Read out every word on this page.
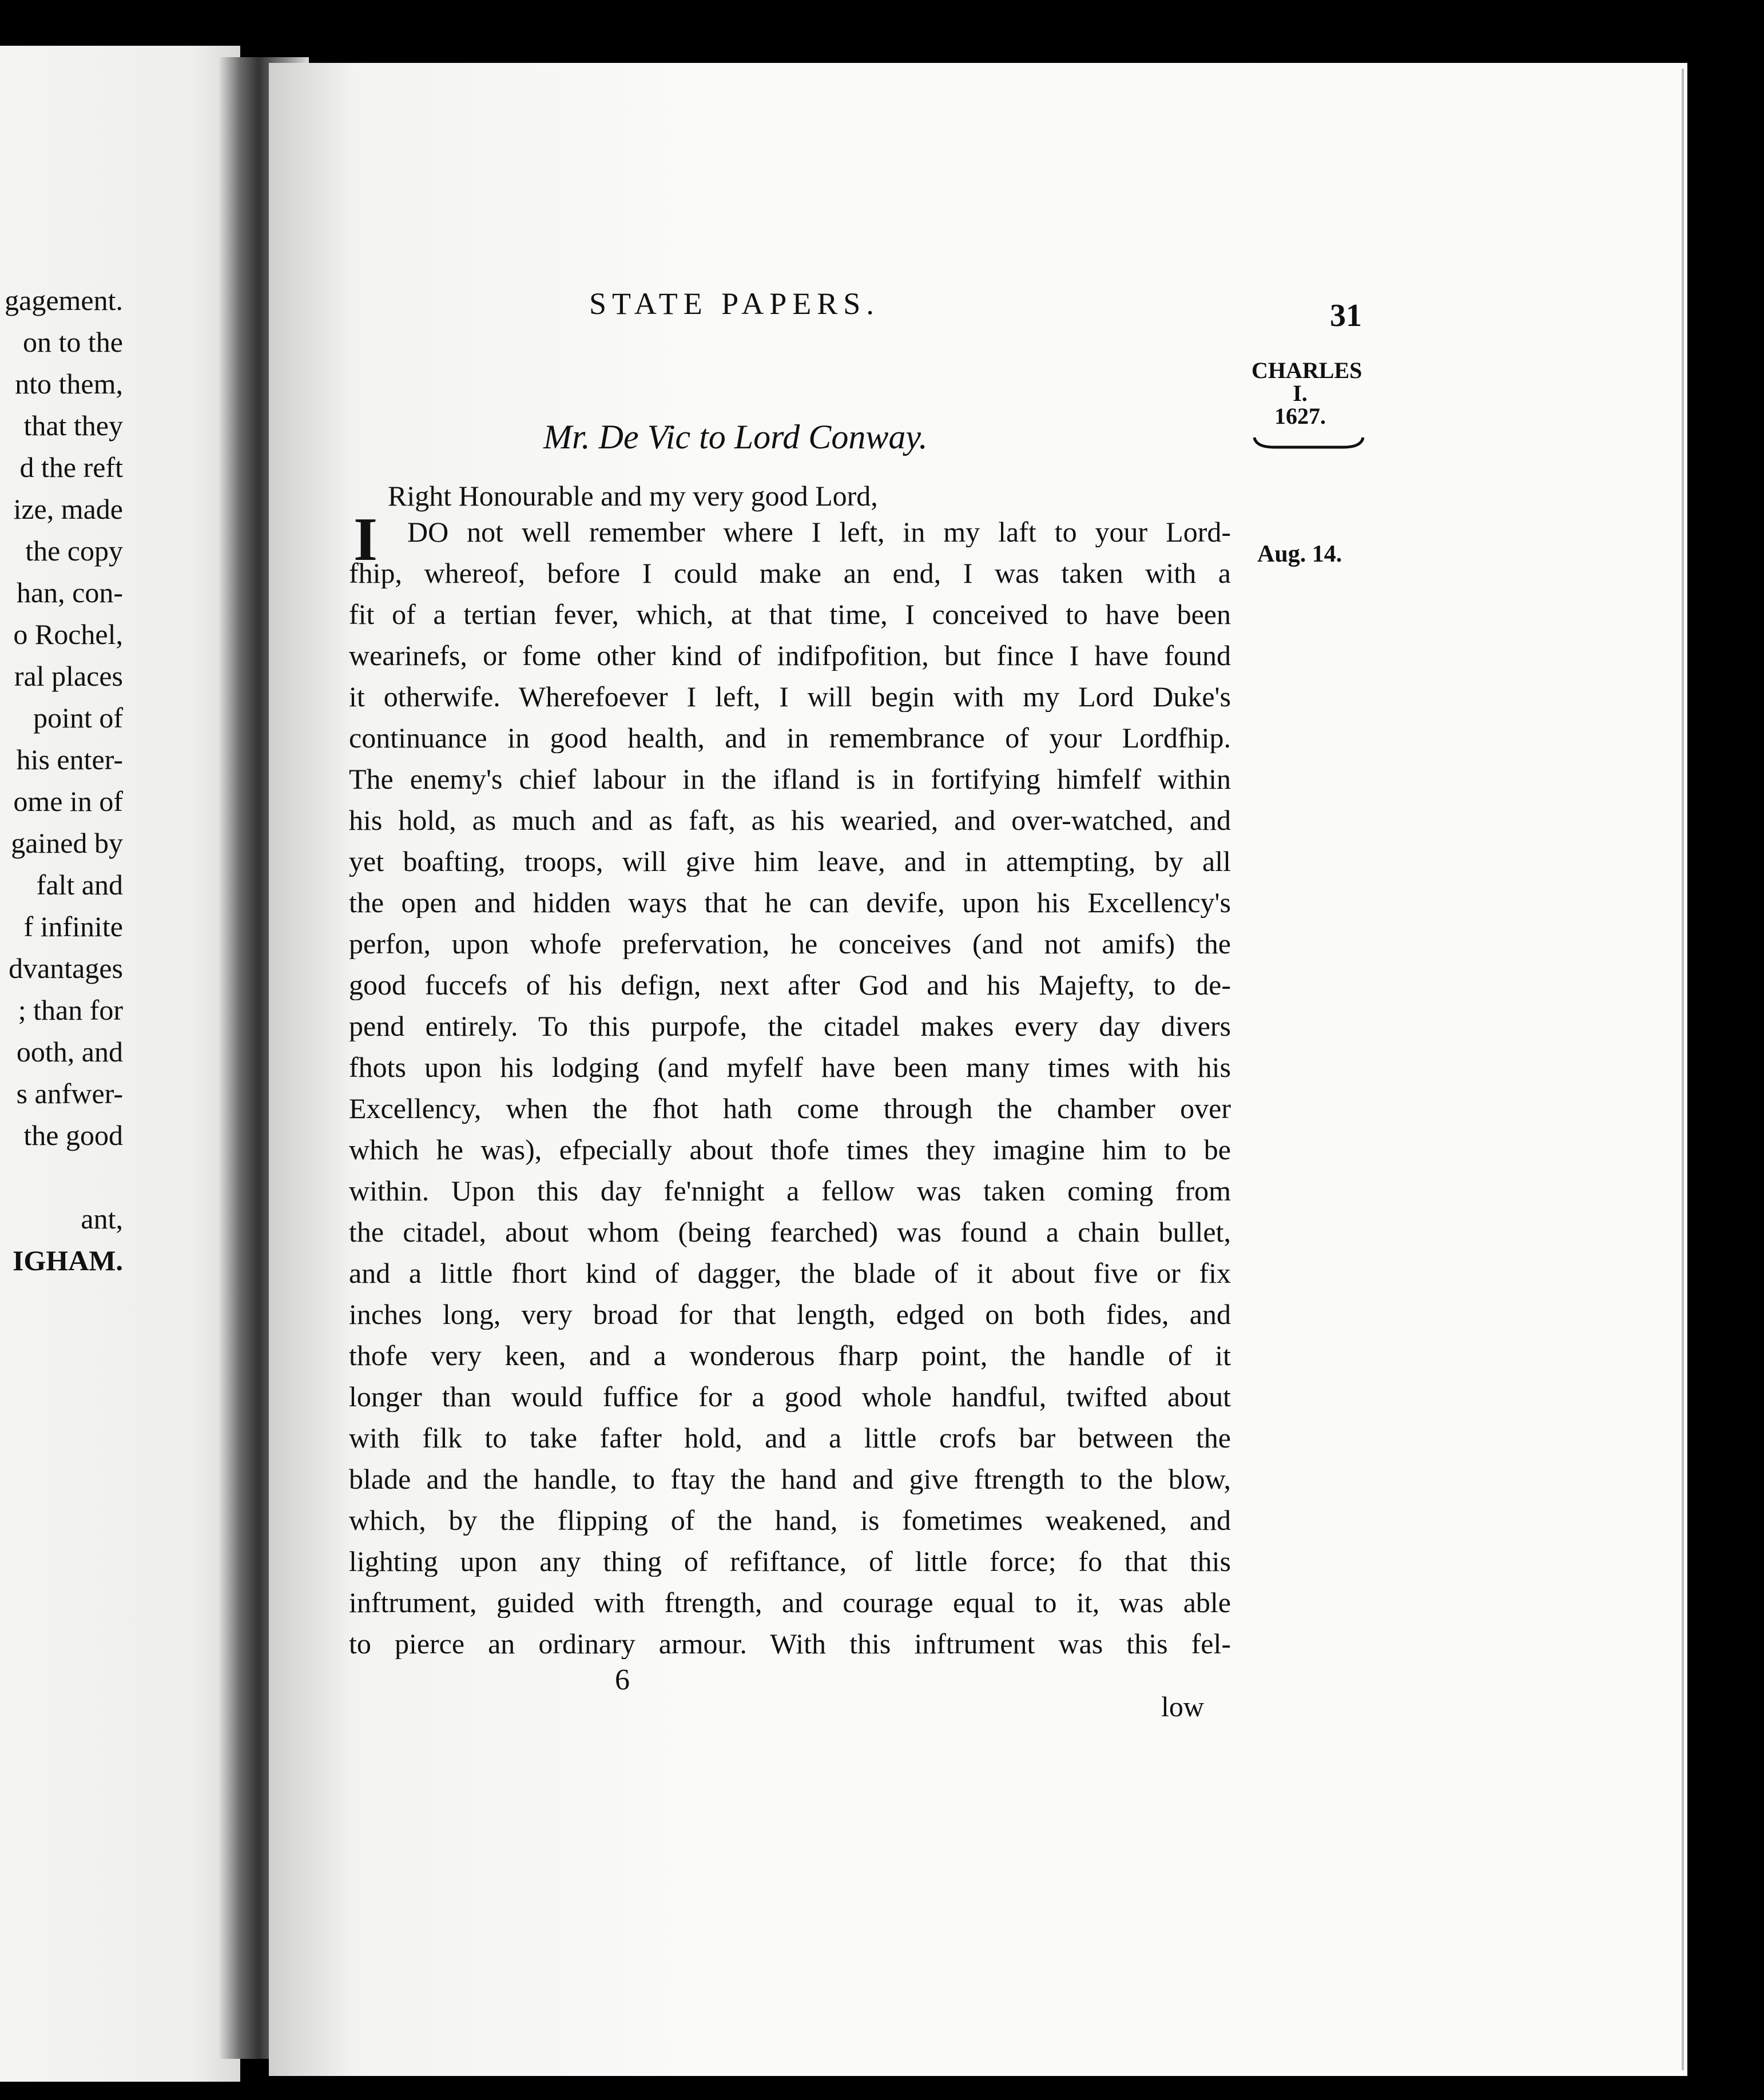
gagement.
on to the
nto them,
that they
d the reft
ize, made
the copy
han, con-
o Rochel,
ral places
point of
his enter-
ome in of
gained by
falt and
f infinite
dvantages
; than for
ooth, and
s anfwer-
the good
ant,
IGHAM.
STATE PAPERS.	31
CHARLES
I.
1627.
Aug. 14.
Mr. De Vic to Lord Conway.
Right Honourable and my very good Lord,
I DO not well remember where I left, in my laft to your Lord-
fhip, whereof, before I could make an end, I was taken with a
fit of a tertian fever, which, at that time, I conceived to have been
wearinefs, or fome other kind of indifpofition, but fince I have found
it otherwife. Wherefoever I left, I will begin with my Lord Duke's
continuance in good health, and in remembrance of your Lordfhip.
The enemy's chief labour in the ifland is in fortifying himfelf within
his hold, as much and as faft, as his wearied, and over-watched, and
yet boafting, troops, will give him leave, and in attempting, by all
the open and hidden ways that he can devife, upon his Excellency's
perfon, upon whofe prefervation, he conceives (and not amifs) the
good fuccefs of his defign, next after God and his Majefty, to de-
pend entirely. To this purpofe, the citadel makes every day divers
fhots upon his lodging (and myfelf have been many times with his
Excellency, when the fhot hath come through the chamber over
which he was), efpecially about thofe times they imagine him to be
within. Upon this day fe'nnight a fellow was taken coming from
the citadel, about whom (being fearched) was found a chain bullet,
and a little fhort kind of dagger, the blade of it about five or fix
inches long, very broad for that length, edged on both fides, and
thofe very keen, and a wonderous fharp point, the handle of it
longer than would fuffice for a good whole handful, twifted about
with filk to take fafter hold, and a little crofs bar between the
blade and the handle, to ftay the hand and give ftrength to the blow,
which, by the flipping of the hand, is fometimes weakened, and
lighting upon any thing of refiftance, of little force; fo that this
inftrument, guided with ftrength, and courage equal to it, was able
to pierce an ordinary armour. With this inftrument was this fel-
6
low
